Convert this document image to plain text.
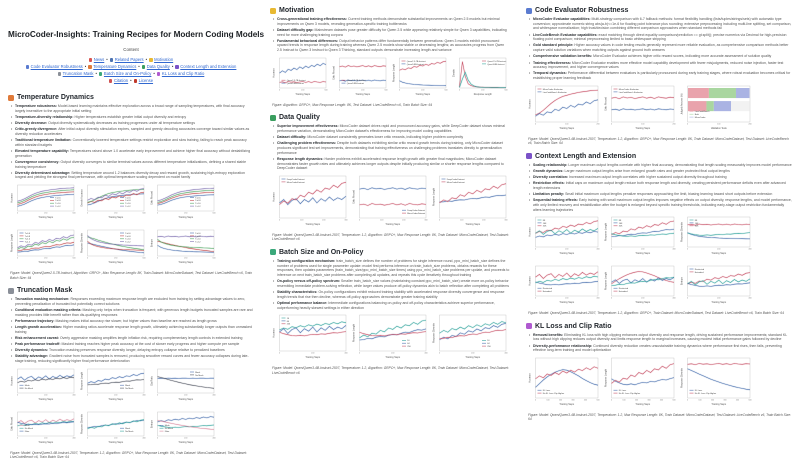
MicroCoder-Insights: Training Recipes for Modern Coding Models
Content
News • Related Papers • Motivation
Code Evaluator Robustness • Temperature Dynamics • Data Quality • Context Length and Extension
Truncation Mask • Batch Size and On-Policy • KL Loss and Clip Ratio
Citation • License
Temperature Dynamics
• Temperature robustness: Model-based learning maintains effective exploration across a broad range of sampling temperatures, with final accuracy largely insensitive to the appropriate initial setting
• Temperature-diversity relationship: Higher temperatures establish greater initial output diversity and entropy
• Diversity decrease: Output diversity systematically decreases as training progresses under all temperature settings
• Critic-greedy divergence: After initial output diversity stimulation expires, sampled and greedy decoding accuracies converge toward similar values as diversity reduction accelerates
• Traditional temperature limitation: Conventionally lowered temperature settings restrict exploration and slow training, failing to reach peak accuracy within standard budgets
• Elevated temperature capability: Temperatures raised above 1.0 accelerate early improvement and achieve higher final accuracy without destabilizing generation
• Convergence consistency: Output diversity converges to similar terminal values across different temperature initializations, defining a shared stable training temperature
• Diversity determinant advantage: Setting temperature around 1.2 balances diversity decay and reward growth, sustaining high-entropy exploration longest and yielding the strongest final performance, with optimal temperature scaling dependent on model family
T=0.6
T=0.8
T=1.0
T=1.2
Accuracy
0	250	500
Training Steps
T=0.6
T=0.8
T=1.0
T=1.2
Greedy Accuracy
0	250	500
Training Steps
T=0.6
T=0.8
T=1.0
T=1.2
Critic Reward
0	250	500
Training Steps
T=0.6
T=0.8
T=1.0
T=1.2
Response Length
0	250	500
Training Steps
T=0.6
T=0.8
T=1.0
T=1.2
Response Diversity
0	250	500
Training Steps
T=0.6
T=0.8
T=1.0
T=1.2
Entropy
0	250	500
Training Steps
Figure: Model: Qwen/Qwen2.5-7B-Instruct, Algorithm: GRPO+, Max Response Length: 8K, Train Dataset: MicroCoderDataset, Test Dataset: LiveCodeBench v6, Train Batch Size: 64
Truncation Mask
• Truncation masking mechanism: Responses exceeding maximum response length are excluded from training by setting advantage values to zero, preventing penalization of truncated but potentially correct solutions
• Conditional evaluation masking criteria: Masking only helps when truncation is frequent; with generous length budgets truncated samples are rare and masking provides little benefit rather than dis-qualifying responses
• Performance trajectory: Masking makes initial accuracy rise slower, but higher values than baseline are reached as length grows
• Length growth acceleration: Higher masking ratios accelerate response length growth, ultimately achieving substantially longer outputs than unmasked training
• Risk enhancement caveat: Overly aggressive masking amplifies length inflation risk, requiring complementary length controls in extended training
• Peak performance tradeoff: Masked training reaches higher peak accuracy at the cost of slower early progress and higher compute per sample
• Diversity dynamics: Truncation masking preserves response diversity longer, delaying entropy collapse relative to penalized baselines
• Stability advantage: Gradient noise from truncated samples is removed, producing smoother reward curves and fewer accuracy collapses during late-stage training, reducing significantly higher final performance deterioration
Mask
No Mask
Accuracy
0	200	400
Training Steps
Mask
No Mask
Response Length
0	200	400
Training Steps
Mask
No Mask
Clip Ratio
0	200	400
Training Steps
Mask
No Mask
Filter
Critic Reward
0	200	400
Training Steps
Mask
No Mask
Response Diversity
0	200	400
Training Steps
Mask
No Mask
Filter
Entropy
0	200	400
Training Steps
Figure: Model: Qwen/Qwen3-4B-Instruct-2507, Temperature: 1.2, Algorithm: GRPO+, Max Response Length: 8K, Train Dataset: MicroCoderDataset, Test Dataset: LiveCodeBench v6, Train Batch Size: 64
Motivation
• Cross-generational training effectiveness: Current training methods demonstrate substantial improvements on Qwen 2.5 models but minimal improvements on Qwen 3 models, revealing generation-specific training bottlenecks
• Dataset difficulty gap: Mainstream datasets pose greater difficulty for Qwen 2.5 while appearing relatively simple for Qwen 3 capabilities, indicating need for more challenging training corpora
• Fundamental behavioral differences: Output behavior patterns differ fundamentally between generations: Qwen 3 models exhibit pronounced upward trends in response length during training whereas Qwen 2.5 models show stable or decreasing lengths; as accuracies progress from Qwen 2.5 Instruct to Qwen 3 Instruct to Qwen 3 Thinking, standard outputs demonstrate increasing length and variance
Qwen2.5-7B-Instruct
Qwen3-8B-Instruct
Accuracy
0	200	500
Training Steps
Qwen2.5-7B-Instruct
Qwen3-8B-Instruct
Critic Reward
0	200	500
Training Steps
Qwen2.5-7B-Instruct
Qwen3-8B-Instruct
Response Length
0	200	500
Training Steps
Qwen2.5-7B-Instruct
Qwen3-8B-Instruct
Density
0	200	500
Response Length
Figure: Algorithm: GRPO+, Max Response Length: 8K, Test Dataset: LiveCodeBench v6, Train Batch Size: 64
Data Quality
• Superior improvement effectiveness: MicroCoder dataset drives rapid and pronounced accuracy gains, while DeepCoder dataset shows minimal performance variation, demonstrating MicroCoder dataset's effectiveness for improving model coding capabilities
• Dataset difficulty: MicroCoder dataset consistently generates lower critic rewards, indicating higher problem complexity
• Challenging problem effectiveness: Despite both datasets exhibiting similar critic reward growth trends during training, only MicroCoder dataset produces significant test set improvements, demonstrating that training effectiveness on challenging problems translates directly to generalization performance
• Response length dynamics: Harder problems exhibit accelerated response length growth with greater final magnitudes; MicroCoder dataset demonstrates faster growth rates and ultimately achieves longer outputs despite initially producing similar or shorter response lengths compared to DeepCoder dataset
DeepCoderDataset
MicroCoderDataset
Accuracy
0	100	200	300
Training Steps
DeepCoderDataset
MicroCoderDataset
Critic Reward
0	100	200	300
Training Steps
DeepCoderDataset
MicroCoderDataset
Response Length
0	100	200	300
Training Steps
Figure: Model: Qwen/Qwen3-4B-Instruct-2507, Temperature: 1.2, Algorithm: GRPO+, Max Response Length: 8K, Train Dataset: MicroCoderDataset, Test Dataset: LiveCodeBench v6
Batch Size and On-Policy
• Training configuration mechanism: train_batch_size defines the number of problems for single inference round, ppo_mini_batch_size defines the number of problems used for single parameter update: model first performs inference on train_batch_size problems, obtains rewards for these responses, then updates parameters (train_batch_size/ppo_mini_batch_size times) using ppo_mini_batch_size problems per update, and proceeds to inference on next train_batch_size problems after completing all updates, and repeats this cycle iteratively throughout training
• On-policy versus off-policy spectrum: Smaller train_batch_size values (maintaining constant ppo_mini_batch_size) create more on-policy behavior resembling immediate problem-solving reflection, while larger values produce off-policy dynamics akin to batch reflection after completing all problems
• Stability characteristics: On-policy configurations exhibit reduced training stability with accelerated response diversity convergence and response length trends that rise then decline, whereas off-policy approaches demonstrate greater training stability
• Optimal performance balance: Intermediate configurations balancing on-policy and off-policy characteristics achieve superior performance, outperforming heavily skewed settings in either direction
16
64
256
Accuracy
0	200	400
Training Steps
16
64
256
Response Length
0	200	400
Training Steps
16
64
256
Response Diversity
0	200	400
Training Steps
Figure: Model: Qwen/Qwen3-4B-Instruct-2507, Temperature: 1.2, Algorithm: GRPO+, Max Response Length: 8K, Train Dataset: MicroCoderDataset, Test Dataset: LiveCodeBench v6
Code Evaluator Robustness
• MicroCoder Evaluator capabilities: Multi-strategy comparison with 6-7 fallback methods: format flexibility handling (lists/tuples/strings/sets) with automatic type conversion; approximate numeric string abs(a-b)<=1e-6 for floating point tolerance plus rounding; extensive preprocessing including multi-line splitting, set comparison, and whitespace normalization; high trust/decision combining different comparison approaches when standard methods fail
• LiveCodeBench Evaluator capabilities: exact matching through direct equality comparison/prediction == gt.split(); precise numerics via Decimal for high-precision floating point comparison; minimal preprocessing limited to basic whitespace stripping
• Gold standard principle: Higher accuracy values in code testing results generally represent more reliable evaluation, as comprehensive comparison methods better capture valid solution variations when matching outputs against ground truth answers
• Comprehensive validation benefits: MicroCoder Evaluator achieves higher critic reward scores, indicating more accurate assessment of solution quality
• Training effectiveness: MicroCoder Evaluator enables more effective model capability development with fewer misjudgments, reduced noise injection, faster test accuracy improvement, and higher convergence values
• Temporal dynamics: Performance differential between evaluators is particularly pronounced during early training stages, where robust evaluation becomes critical for establishing proper learning feedback
MicroCoder Evaluator
LiveCodeBench Evaluator
Accuracy
0	100	200
Training Steps
MicroCoder Evaluator
LiveCodeBench Evaluator
Critic Reward
0	100	200
Training Steps
LiveCodeBench
Both
MicroCoder
Judged Answers (%)
0	100	200
Validation Tests
Figure: Model: Qwen/Qwen3-4B-Instruct-2507, Temperature: 1.2, Algorithm: GRPO+, Max Response Length: 8K, Train Dataset: MicroCoderDataset, Test Dataset: LiveCodeBench v6, Train Batch Size: 64
Context Length and Extension
• Scaling relationship: Longer maximum output lengths correlate with higher final accuracy, demonstrating that length scaling measurably improves model performance
• Growth dynamics: Larger maximum output lengths arise from enlarged growth rates and greater protected final output lengths
• Diversity correlation: Increased maximum output length correlates with higher sustained output diversity throughout training
• Restriction effects: Initial caps on maximum output length reduce both response length and diversity, creating persistent performance deficits even after advanced length extensions
• Limitation penalty: Small initial maximum output lengths penalize responses approaching the limit, biasing learning toward short outputs before extension
• Sequential training effects: Early training with small maximum output lengths imposes negative effects on output diversity, response lengths, and model performance, with only limited recovery and restabilization after the budget is enlarged beyond specific training thresholds, indicating early-stage output restriction fundamentally alters learning trajectories
8K
16K
32K
Accuracy
0	200	400
Training Steps
8K
16K
32K
Response Length
0	200	400
Training Steps
8K
16K
32K
Response Diversity
0	200	400
Training Steps
Restricted
Extended
Accuracy
0	200	400
Training Steps
Restricted
Extended
Response Length
0	200	400
Training Steps
Restricted
Extended
Entropy
0	200	400
Training Steps
Figure: Model: Qwen/Qwen3-4B-Instruct-2507, Temperature: 1.2, Algorithm: GRPO+, Train Dataset: MicroCoderDataset, Test Dataset: LiveCodeBench v6, Train Batch Size: 64
KL Loss and Clip Ratio
• Removal benefits: Eliminating KL loss with high clipping enhances output diversity and response length, driving sustained performance improvements; standard KL loss without high clipping reduces output diversity and limits response length to marginal increases, causing modest initial performance gains followed by decline
• Diversity-performance relationship: Continued diversity reduction creates unsustainable training dynamics where performance first rises, then falls, preventing effective long-term training and model optimization
KL Loss
No KL Loss Clip Higher
Accuracy
0	100	200	300	400	500
Training Steps
KL Loss
No KL Loss Clip Higher
Response Length
0	100	200	300	400	500
Training Steps
KL Loss
No KL Loss Clip Higher
Response Diversity
0	100	200	300	400	500
Training Steps
Figure: Model: Qwen/Qwen3-4B-Instruct-2507, Temperature: 1.2, Max Response Length: 8K, Train Dataset: MicroCoderDataset, Test Dataset: LiveCodeBench v6, Train Batch Size: 64
